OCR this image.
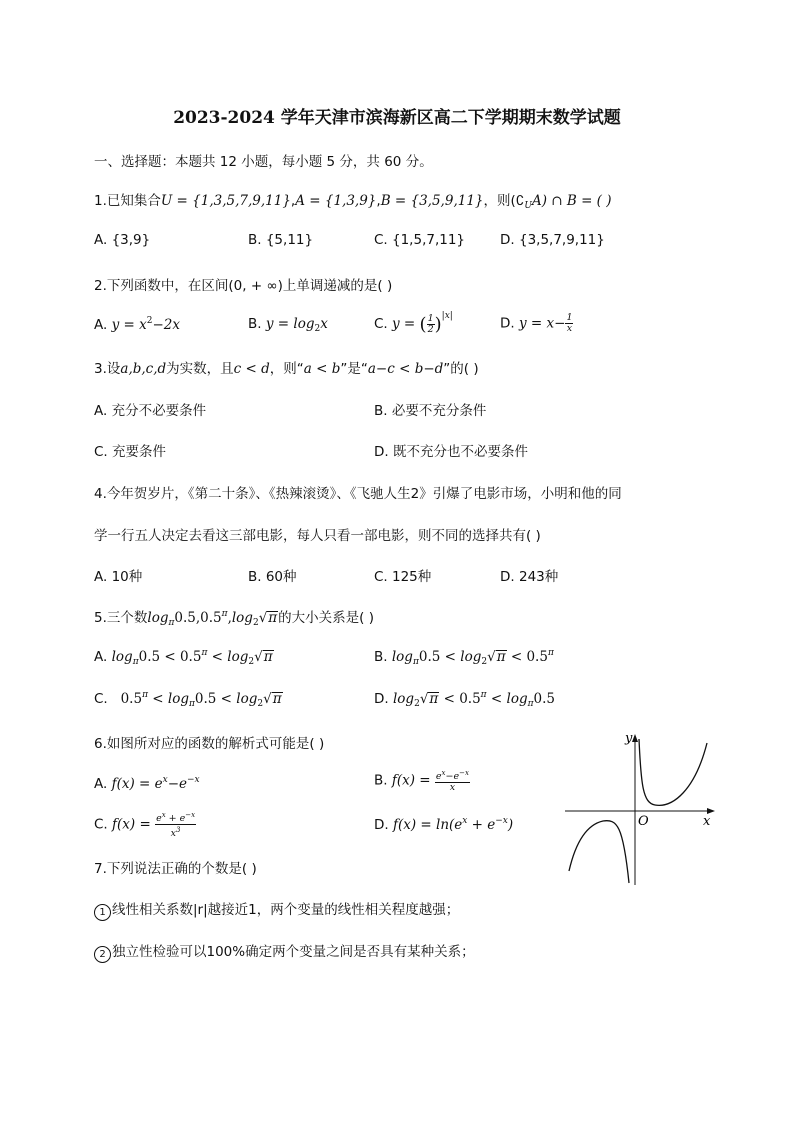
2023-2024 学年天津市滨海新区高二下学期期末数学试题
一、选择题：本题共 12 小题，每小题 5 分，共 60 分。
1.已知集合U = {1,3,5,7,9,11},A = {1,3,9},B = {3,5,9,11}，则$(∁_UA)$ ∩ B = ( )
A. {3,9}	B. {5,11}	C. {1,5,7,11}	D. {3,5,7,9,11}
2.下列函数中，在区间(0, + ∞)上单调递减的是( )
A. $y = x^2-2x$	B. $y = \log_2x$	C. y = ( $\frac{1}{2} )^{|x|}$	D. $y = x- \frac{1}{x}$
3.设a,b,c,d为实数，且c < d，则“a < b”是“a−c < b−d”的( )
A. 充分不必要条件	B. 必要不充分条件
C. 充要条件	D. 既不充分也不必要条件
4.今年贺岁片，《第二十条》、《热辣滚烫》、《飞驰人生2》引爆了电影市场，小明和他的同
学一行五人决定去看这三部电影，每人只看一部电影，则不同的选择共有( )
A. 10种	B. 60种	C. 125种	D. 243种
5.三个数$\log_\pi 0.5,0.5^\pi,\log_2√\pi$的大小关系是( )
A. $\log_\pi 0.5 < 0.5^\pi < \log_2√\pi$	B. $\log_\pi 0.5 < \log_2√\pi < 0.5^\pi$
C.   $0.5^\pi < \log_\pi 0.5 < \log_2√\pi$	D. $\log_2√\pi < 0.5^\pi < \log_\pi 0.5$
6.如图所对应的函数的解析式可能是( )
A. $f(x) = e^x-e^{-x}$	B. $f(x) = \frac{e^x-e^{-x}}{x}$
C. $f(x) = \frac{e^x + e^{-x}}{x^3}$	D. $f(x) = \ln(e^x + e^{-x})$	x
y
O
7.下列说法正确的个数是( )
1 线性相关系数|r|越接近1，两个变量的线性相关程度越强；
2 独立性检验可以100%确定两个变量之间是否具有某种关系；
